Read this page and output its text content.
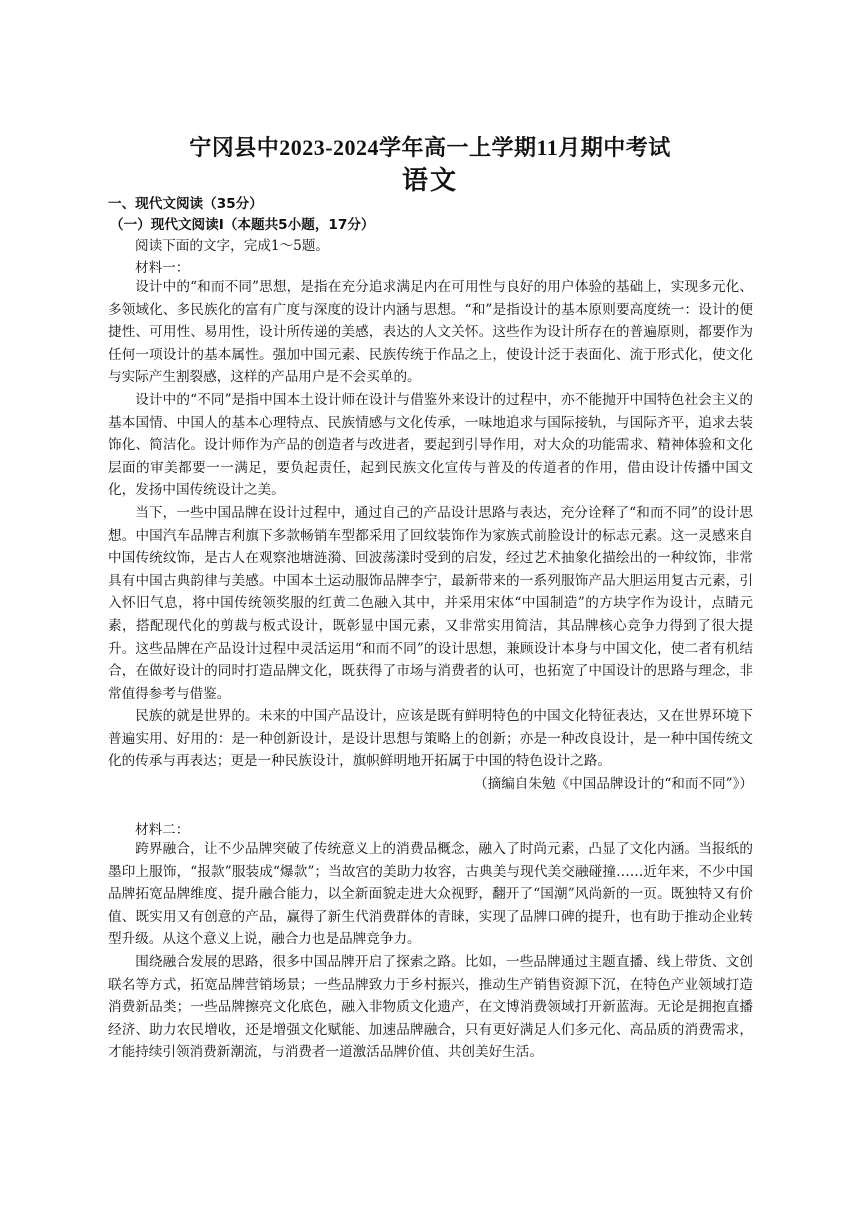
宁冈县中2023-2024学年高一上学期11月期中考试
语文
一、现代文阅读（35分）
（一）现代文阅读Ⅰ（本题共5小题，17分）
阅读下面的文字，完成1～5题。
材料一：

设计中的“和而不同”思想，是指在充分追求满足内在可用性与良好的用户体验的基础上，实现多元化、多领域化、多民族化的富有广度与深度的设计内涵与思想。“和”是指设计的基本原则要高度统一：设计的便捷性、可用性、易用性，设计所传递的美感，表达的人文关怀。这些作为设计所存在的普遍原则，都要作为任何一项设计的基本属性。强加中国元素、民族传统于作品之上，使设计泛于表面化、流于形式化，使文化与实际产生割裂感，这样的产品用户是不会买单的。

设计中的“不同”是指中国本土设计师在设计与借鉴外来设计的过程中，亦不能抛开中国特色社会主义的基本国情、中国人的基本心理特点、民族情感与文化传承，一味地追求与国际接轨，与国际齐平，追求去装饰化、简洁化。设计师作为产品的创造者与改进者，要起到引导作用，对大众的功能需求、精神体验和文化层面的审美都要一一满足，要负起责任，起到民族文化宣传与普及的传道者的作用，借由设计传播中国文化，发扬中国传统设计之美。

当下，一些中国品牌在设计过程中，通过自己的产品设计思路与表达，充分诠释了“和而不同”的设计思想。中国汽车品牌吉利旗下多款畅销车型都采用了回纹装饰作为家族式前脸设计的标志元素。这一灵感来自中国传统纹饰，是古人在观察池塘涟漪、回波荡漾时受到的启发，经过艺术抽象化描绘出的一种纹饰，非常具有中国古典韵律与美感。中国本土运动服饰品牌李宁，最新带来的一系列服饰产品大胆运用复古元素，引入怀旧气息，将中国传统领奖服的红黄二色融入其中，并采用宋体“中国制造”的方块字作为设计，点睛元素，搭配现代化的剪裁与板式设计，既彰显中国元素，又非常实用简洁，其品牌核心竞争力得到了很大提升。这些品牌在产品设计过程中灵活运用“和而不同”的设计思想，兼顾设计本身与中国文化，使二者有机结合，在做好设计的同时打造品牌文化，既获得了市场与消费者的认可，也拓宽了中国设计的思路与理念，非常值得参考与借鉴。

民族的就是世界的。未来的中国产品设计，应该是既有鲜明特色的中国文化特征表达，又在世界环境下普遍实用、好用的：是一种创新设计，是设计思想与策略上的创新；亦是一种改良设计，是一种中国传统文化的传承与再表达；更是一种民族设计，旗帜鲜明地开拓属于中国的特色设计之路。

（摘编自朱勉《中国品牌设计的“和而不同”》）

材料二：

跨界融合，让不少品牌突破了传统意义上的消费品概念，融入了时尚元素，凸显了文化内涵。当报纸的墨印上服饰，“报款”服装成“爆款”；当故宫的美助力妆容，古典美与现代美交融碰撞……近年来，不少中国品牌拓宽品牌维度、提升融合能力，以全新面貌走进大众视野，翻开了“国潮”风尚新的一页。既独特又有价值、既实用又有创意的产品，赢得了新生代消费群体的青睐，实现了品牌口碑的提升，也有助于推动企业转型升级。从这个意义上说，融合力也是品牌竞争力。

围绕融合发展的思路，很多中国品牌开启了探索之路。比如，一些品牌通过主题直播、线上带货、文创联名等方式，拓宽品牌营销场景；一些品牌致力于乡村振兴，推动生产销售资源下沉，在特色产业领域打造消费新品类；一些品牌擦亮文化底色，融入非物质文化遗产，在文博消费领域打开新蓝海。无论是拥抱直播经济、助力农民增收，还是增强文化赋能、加速品牌融合，只有更好满足人们多元化、高品质的消费需求，才能持续引领消费新潮流，与消费者一道激活品牌价值、共创美好生活。
